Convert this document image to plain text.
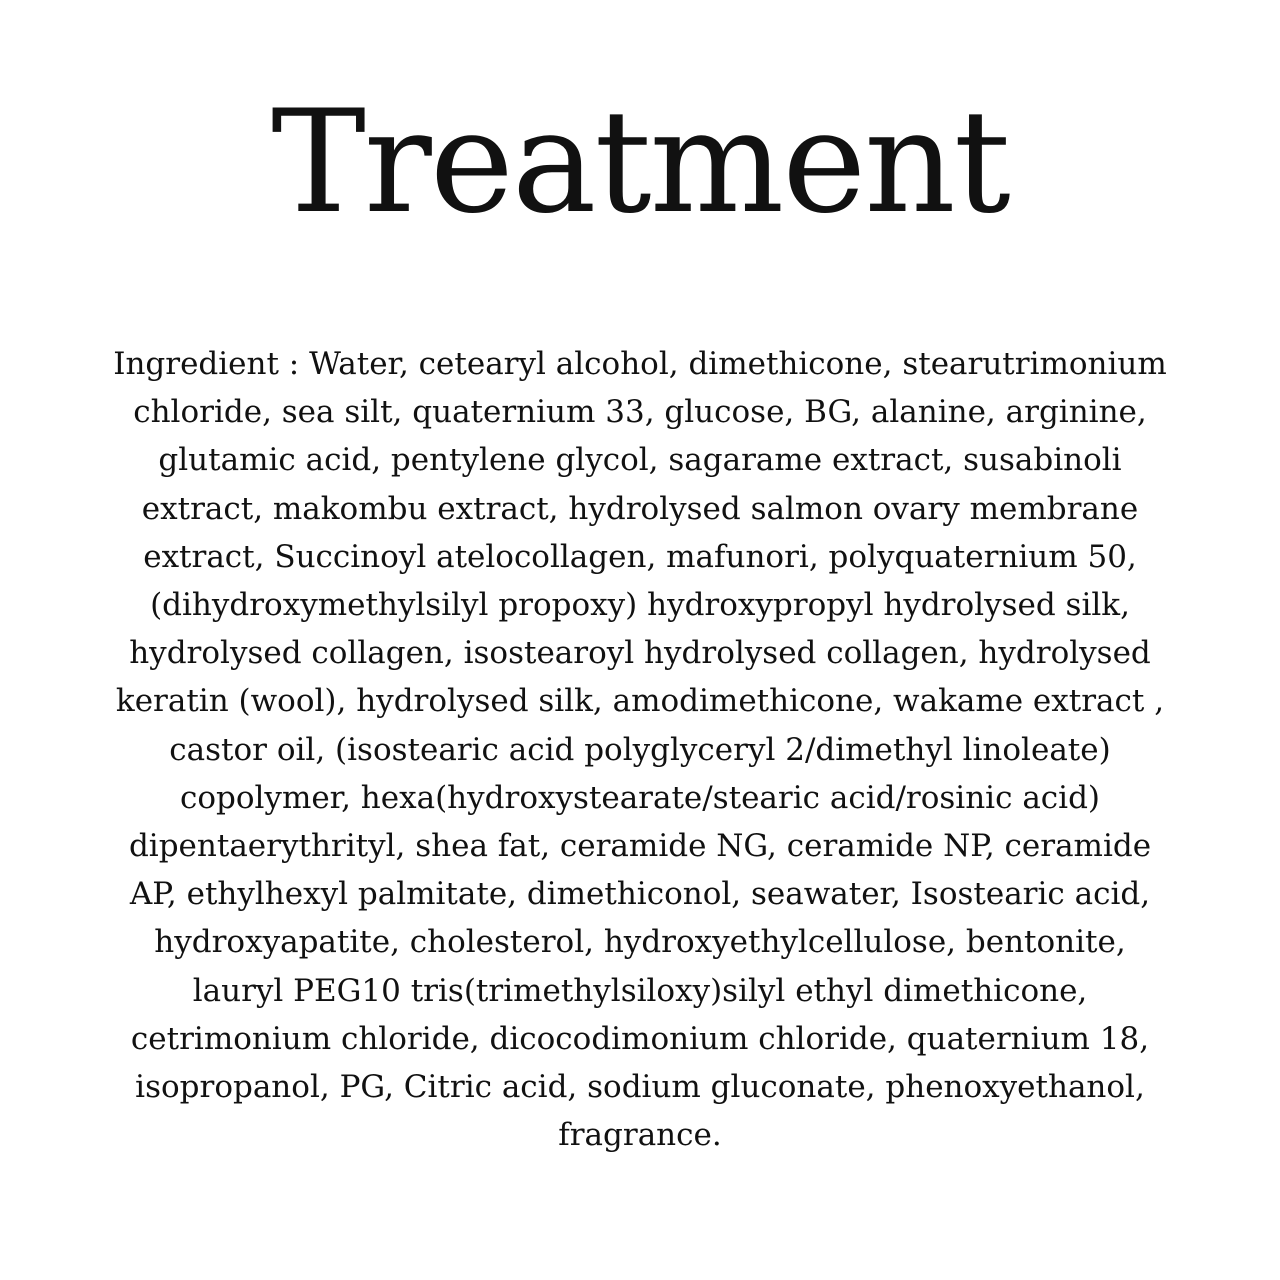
Treatment

Ingredient : Water, cetearyl alcohol, dimethicone, stearutrimonium
chloride, sea silt, quaternium 33, glucose, BG, alanine, arginine,
glutamic acid, pentylene glycol, sagarame extract, susabinoli
extract, makombu extract, hydrolysed salmon ovary membrane
extract, Succinoyl atelocollagen, mafunori, polyquaternium 50,
(dihydroxymethylsilyl propoxy) hydroxypropyl hydrolysed silk,
hydrolysed collagen, isostearoyl hydrolysed collagen, hydrolysed
keratin (wool), hydrolysed silk, amodimethicone, wakame extract ,
castor oil, (isostearic acid polyglyceryl 2/dimethyl linoleate)
copolymer, hexa(hydroxystearate/stearic acid/rosinic acid)
dipentaerythrityl, shea fat, ceramide NG, ceramide NP, ceramide
AP, ethylhexyl palmitate, dimethiconol, seawater, Isostearic acid,
hydroxyapatite, cholesterol, hydroxyethylcellulose, bentonite,
lauryl PEG10 tris(trimethylsiloxy)silyl ethyl dimethicone,
cetrimonium chloride, dicocodimonium chloride, quaternium 18,
isopropanol, PG, Citric acid, sodium gluconate, phenoxyethanol,
fragrance.
